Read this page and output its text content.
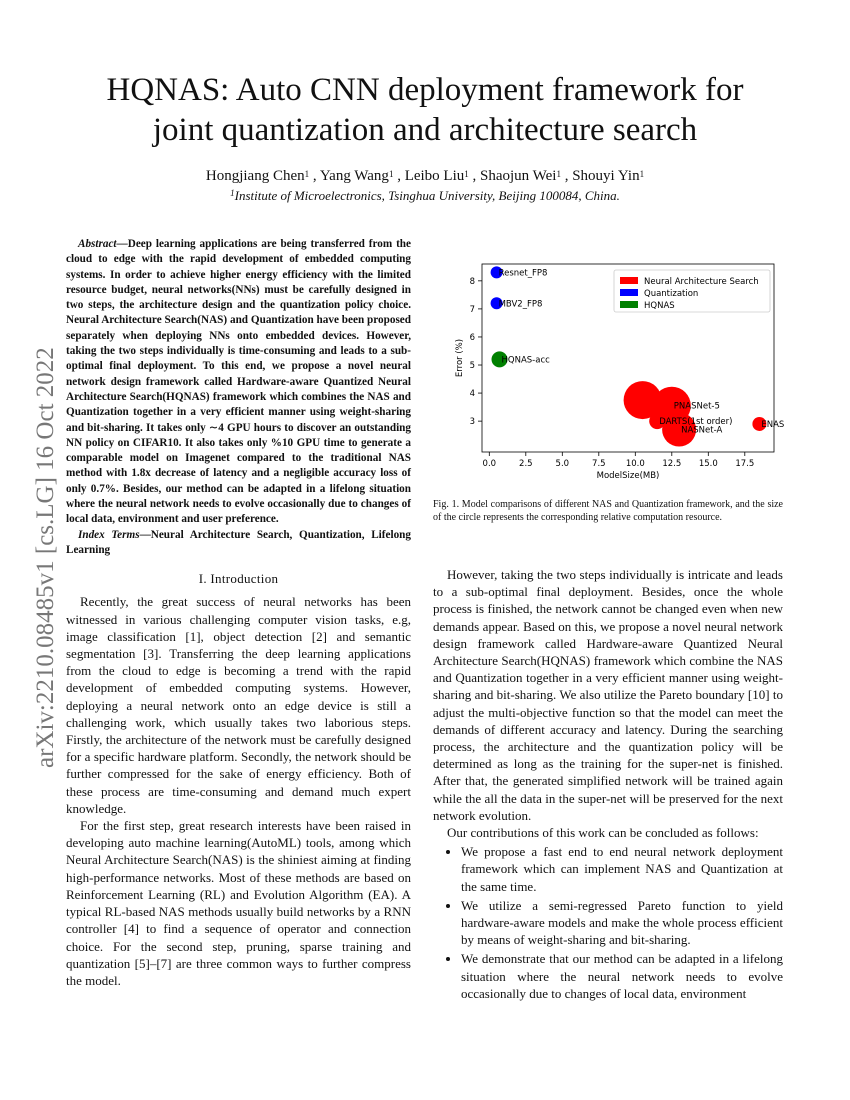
arXiv:2210.08485v1 [cs.LG] 16 Oct 2022
HQNAS: Auto CNN deployment framework for
joint quantization and architecture search
Hongjiang Chen$^1$ , Yang Wang$^1$ , Leibo Liu$^1$ , Shaojun Wei$^1$ , Shouyi Yin$^1$
$^1$Institute of Microelectronics, Tsinghua University, Beijing 100084, China.

Abstract—Deep learning applications are being transferred from the cloud to edge with the rapid development of embedded computing systems. In order to achieve higher energy efficiency with the limited resource budget, neural networks(NNs) must be carefully designed in two steps, the architecture design and the quantization policy choice. Neural Architecture Search(NAS) and Quantization have been proposed separately when deploying NNs onto embedded devices. However, taking the two steps individually is time-consuming and leads to a sub-optimal final deployment. To this end, we propose a novel neural network design framework called Hardware-aware Quantized Neural Architecture Search(HQNAS) framework which combines the NAS and Quantization together in a very efficient manner using weight-sharing and bit-sharing. It takes only ∼4 GPU hours to discover an outstanding NN policy on CIFAR10. It also takes only %10 GPU time to generate a comparable model on Imagenet compared to the traditional NAS method with 1.8x decrease of latency and a negligible accuracy loss of only 0.7%. Besides, our method can be adapted in a lifelong situation where the neural network needs to evolve occasionally due to changes of local data, environment and user preference.

Index Terms—Neural Architecture Search, Quantization, Lifelong Learning

I. Introduction

Recently, the great success of neural networks has been witnessed in various challenging computer vision tasks, e.g, image classification [1], object detection [2] and semantic segmentation [3]. Transferring the deep learning applications from the cloud to edge is becoming a trend with the rapid development of embedded computing systems. However, deploying a neural network onto an edge device is still a challenging work, which usually takes two laborious steps. Firstly, the architecture of the network must be carefully designed for a specific hardware platform. Secondly, the network should be further compressed for the sake of energy efficiency. Both of these process are time-consuming and demand much expert knowledge.

For the first step, great research interests have been raised in developing auto machine learning(AutoML) tools, among which Neural Architecture Search(NAS) is the shiniest aiming at finding high-performance networks. Most of these methods are based on Reinforcement Learning (RL) and Evolution Algorithm (EA). A typical RL-based NAS methods usually build networks by a RNN controller [4] to find a sequence of operator and connection choice. For the second step, pruning, sparse training and quantization [5]–[7] are three common ways to further compress the model.

0.0	2.5	5.0	7.5 10.0 12.5 15.0 17.5
3
4
5
6
7
8
ModelSize(MB)
Error (%)
PNASNet-5
DARTS(1st order)
NASNet-A
ENAS
Resnet_FP8
MBV2_FP8
HQNAS-acc
Neural Architecture Search
Quantization
HQNAS
Fig. 1. Model comparisons of different NAS and Quantization framework, and the size of the circle represents the corresponding relative computation resource.

However, taking the two steps individually is intricate and leads to a sub-optimal final deployment. Besides, once the whole process is finished, the network cannot be changed even when new demands appear. Based on this, we propose a novel neural network design framework called Hardware-aware Quantized Neural Architecture Search(HQNAS) framework which combine the NAS and Quantization together in a very efficient manner using weight-sharing and bit-sharing. We also utilize the Pareto boundary [10] to adjust the multi-objective function so that the model can meet the demands of different accuracy and latency. During the searching process, the architecture and the quantization policy will be determined as long as the training for the super-net is finished. After that, the generated simplified network will be trained again while the all the data in the super-net will be preserved for the next network evolution.

Our contributions of this work can be concluded as follows:

• We propose a fast end to end neural network deployment framework which can implement NAS and Quantization at the same time.
• We utilize a semi-regressed Pareto function to yield hardware-aware models and make the whole process efficient by means of weight-sharing and bit-sharing.
• We demonstrate that our method can be adapted in a lifelong situation where the neural network needs to evolve occasionally due to changes of local data, environment
